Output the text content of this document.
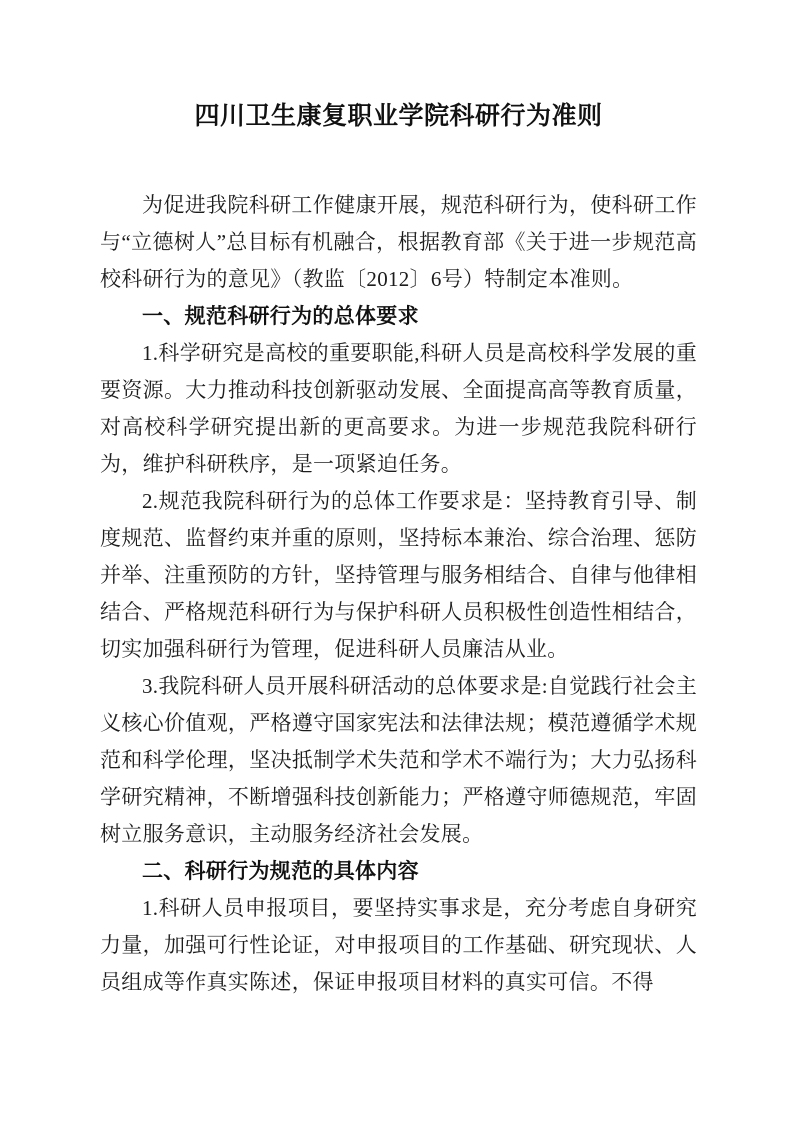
四川卫生康复职业学院科研行为准则

为促进我院科研工作健康开展，规范科研行为，使科研工作与“立德树人”总目标有机融合，根据教育部《关于进一步规范高校科研行为的意见》（教监〔2012〕6号）特制定本准则。

一、规范科研行为的总体要求

1.科学研究是高校的重要职能,科研人员是高校科学发展的重要资源。大力推动科技创新驱动发展、全面提高高等教育质量，对高校科学研究提出新的更高要求。为进一步规范我院科研行为，维护科研秩序，是一项紧迫任务。

2.规范我院科研行为的总体工作要求是：坚持教育引导、制度规范、监督约束并重的原则，坚持标本兼治、综合治理、惩防并举、注重预防的方针，坚持管理与服务相结合、自律与他律相结合、严格规范科研行为与保护科研人员积极性创造性相结合，切实加强科研行为管理，促进科研人员廉洁从业。

3.我院科研人员开展科研活动的总体要求是:自觉践行社会主义核心价值观，严格遵守国家宪法和法律法规；模范遵循学术规范和科学伦理，坚决抵制学术失范和学术不端行为；大力弘扬科学研究精神，不断增强科技创新能力；严格遵守师德规范，牢固树立服务意识，主动服务经济社会发展。

二、科研行为规范的具体内容

1.科研人员申报项目，要坚持实事求是，充分考虑自身研究力量，加强可行性论证，对申报项目的工作基础、研究现状、人员组成等作真实陈述，保证申报项目材料的真实可信。不得
